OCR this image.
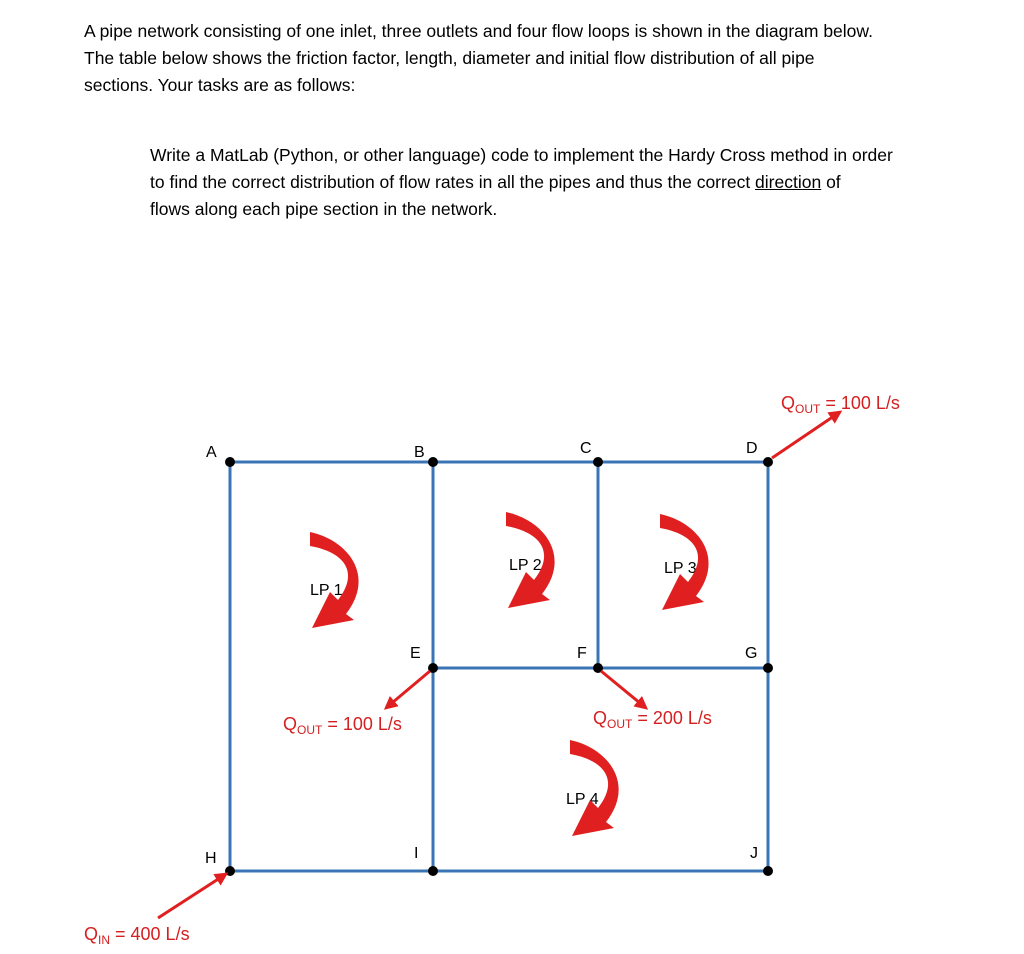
A pipe network consisting of one inlet, three outlets and four flow loops is shown in the diagram below.
The table below shows the friction factor, length, diameter and initial flow distribution of all pipe
sections. Your tasks are as follows:
Write a MatLab (Python, or other language) code to implement the Hardy Cross method in order
to find the correct distribution of flow rates in all the pipes and thus the correct direction of
flows along each pipe section in the network.
A	B	C	D
E	F	G
H	I	J
LP 1
LP 2	LP 3
LP 4
$Q_{OUT} = 100$ L/s
$Q_{OUT} = 100$ L/s	$Q_{OUT} = 200$ L/s
$Q_{IN} = 400$ L/s
